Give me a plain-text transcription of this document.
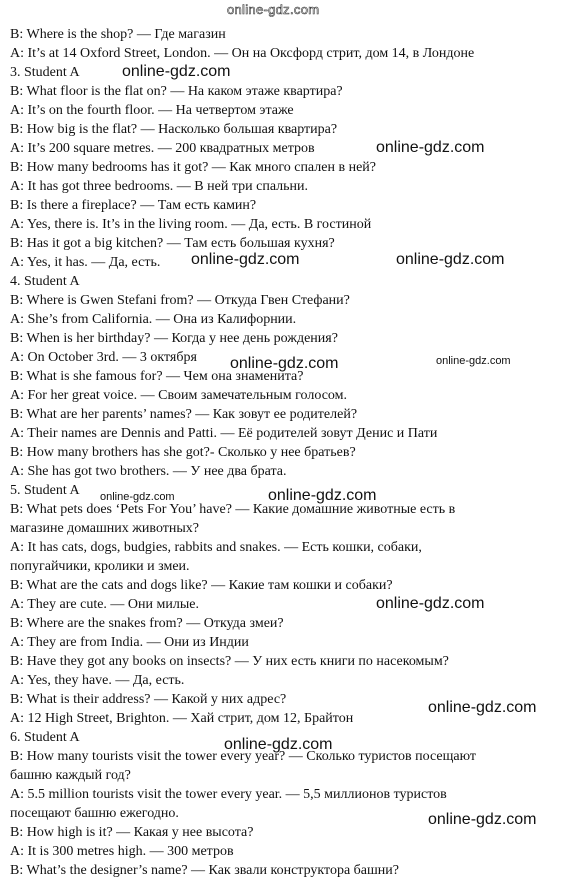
online-gdz.com
B: Where is the shop? — Где магазин
A: It’s at 14 Oxford Street, London. — Он на Оксфорд стрит, дом 14, в Лондоне
3. Student A
B: What floor is the flat on? — На каком этаже квартира?
A: It’s on the fourth floor. — На четвертом этаже
B: How big is the flat? — Насколько большая квартира?
A: It’s 200 square metres. — 200 квадратных метров
B: How many bedrooms has it got? — Как много спален в ней?
A: It has got three bedrooms. — В ней три спальни.
B: Is there a fireplace? — Там есть камин?
A: Yes, there is. It’s in the living room. — Да, есть. В гостиной
B: Has it got a big kitchen? — Там есть большая кухня?
A: Yes, it has. — Да, есть.
4. Student A
B: Where is Gwen Stefani from? — Откуда Гвен Стефани?
A: She’s from California. — Она из Калифорнии.
B: When is her birthday? — Когда у нее день рождения?
A: On October 3rd. — 3 октября
B: What is she famous for? — Чем она знаменита?
A: For her great voice. — Своим замечательным голосом.
B: What are her parents’ names? — Как зовут ее родителей?
A: Their names are Dennis and Patti. — Её родителей зовут Денис и Пати
B: How many brothers has she got?- Сколько у нее братьев?
A: She has got two brothers. — У нее два брата.
5. Student A
B: What pets does ‘Pets For You’ have? — Какие домашние животные есть в
магазине домашних животных?
A: It has cats, dogs, budgies, rabbits and snakes. — Есть кошки, собаки,
попугайчики, кролики и змеи.
B: What are the cats and dogs like? — Какие там кошки и собаки?
A: They are cute. — Они милые.
B: Where are the snakes from? — Откуда змеи?
A: They are from India. — Они из Индии
B: Have they got any books on insects? — У них есть книги по насекомым?
A: Yes, they have. — Да, есть.
B: What is their address? — Какой у них адрес?
A: 12 High Street, Brighton. — Хай стрит, дом 12, Брайтон
6. Student A
B: How many tourists visit the tower every year? — Сколько туристов посещают
башню каждый год?
A: 5.5 million tourists visit the tower every year. — 5,5 миллионов туристов
посещают башню ежегодно.
B: How high is it? — Какая у нее высота?
A: It is 300 metres high. — 300 метров
B: What’s the designer’s name? — Как звали конструктора башни?
online-gdz.com
online-gdz.com
online-gdz.com	online-gdz.com
online-gdz.com	online-gdz.com
online-gdz.com	online-gdz.com
online-gdz.com
online-gdz.com
online-gdz.com
online-gdz.com
